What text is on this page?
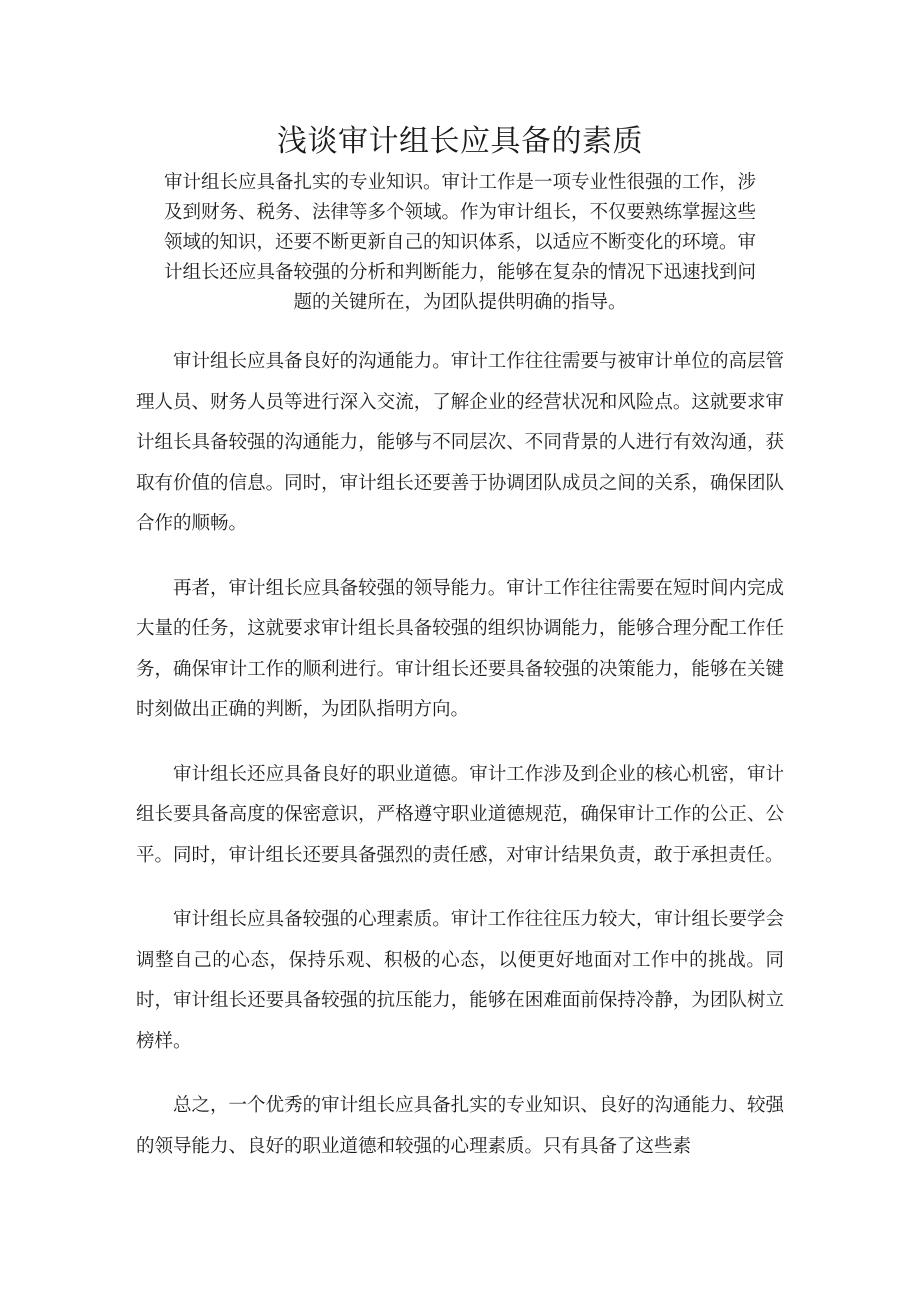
浅谈审计组长应具备的素质

审计组长应具备扎实的专业知识。审计工作是一项专业性很强的工作，涉及到财务、税务、法律等多个领域。作为审计组长，不仅要熟练掌握这些领域的知识，还要不断更新自己的知识体系，以适应不断变化的环境。审计组长还应具备较强的分析和判断能力，能够在复杂的情况下迅速找到问题的关键所在，为团队提供明确的指导。

审计组长应具备良好的沟通能力。审计工作往往需要与被审计单位的高层管理人员、财务人员等进行深入交流，了解企业的经营状况和风险点。这就要求审计组长具备较强的沟通能力，能够与不同层次、不同背景的人进行有效沟通，获取有价值的信息。同时，审计组长还要善于协调团队成员之间的关系，确保团队合作的顺畅。

再者，审计组长应具备较强的领导能力。审计工作往往需要在短时间内完成大量的任务，这就要求审计组长具备较强的组织协调能力，能够合理分配工作任务，确保审计工作的顺利进行。审计组长还要具备较强的决策能力，能够在关键时刻做出正确的判断，为团队指明方向。

审计组长还应具备良好的职业道德。审计工作涉及到企业的核心机密，审计组长要具备高度的保密意识，严格遵守职业道德规范，确保审计工作的公正、公平。同时，审计组长还要具备强烈的责任感，对审计结果负责，敢于承担责任。

审计组长应具备较强的心理素质。审计工作往往压力较大，审计组长要学会调整自己的心态，保持乐观、积极的心态，以便更好地面对工作中的挑战。同时，审计组长还要具备较强的抗压能力，能够在困难面前保持冷静，为团队树立榜样。

总之，一个优秀的审计组长应具备扎实的专业知识、良好的沟通能力、较强的领导能力、良好的职业道德和较强的心理素质。只有具备了这些素
